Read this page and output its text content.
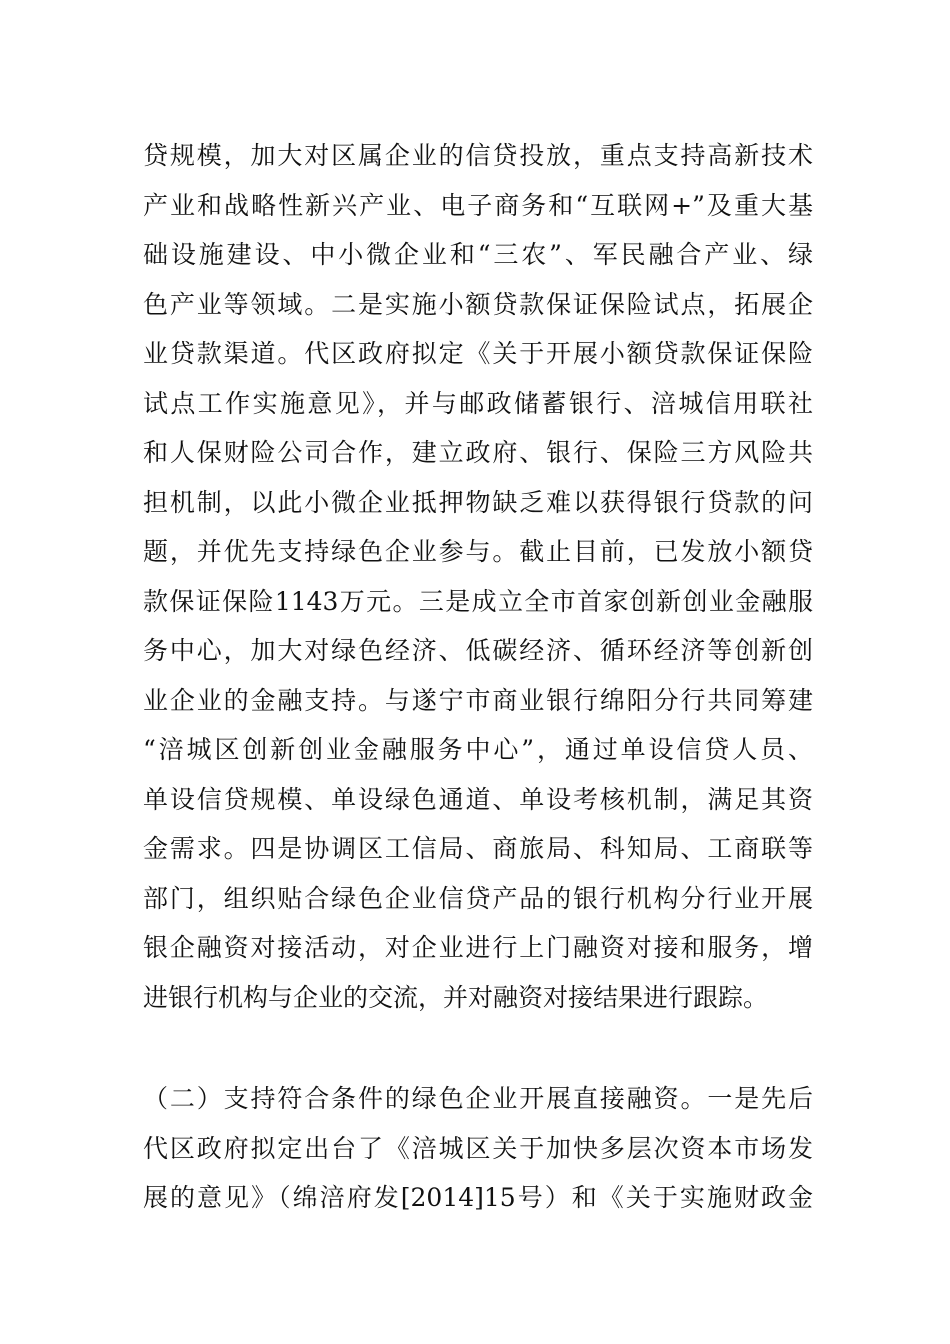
贷规模，加大对区属企业的信贷投放，重点支持高新技术
产业和战略性新兴产业、电子商务和“互联网+”及重大基
础设施建设、中小微企业和“三农”、军民融合产业、绿
色产业等领域。二是实施小额贷款保证保险试点，拓展企
业贷款渠道。代区政府拟定《关于开展小额贷款保证保险
试点工作实施意见》，并与邮政储蓄银行、涪城信用联社
和人保财险公司合作，建立政府、银行、保险三方风险共
担机制，以此小微企业抵押物缺乏难以获得银行贷款的问
题，并优先支持绿色企业参与。截止目前，已发放小额贷
款保证保险1143万元。三是成立全市首家创新创业金融服
务中心，加大对绿色经济、低碳经济、循环经济等创新创
业企业的金融支持。与遂宁市商业银行绵阳分行共同筹建
“涪城区创新创业金融服务中心”，通过单设信贷人员、
单设信贷规模、单设绿色通道、单设考核机制，满足其资
金需求。四是协调区工信局、商旅局、科知局、工商联等
部门，组织贴合绿色企业信贷产品的银行机构分行业开展
银企融资对接活动，对企业进行上门融资对接和服务，增
进银行机构与企业的交流，并对融资对接结果进行跟踪。
（二）支持符合条件的绿色企业开展直接融资。一是先后
代区政府拟定出台了《涪城区关于加快多层次资本市场发
展的意见》（绵涪府发[2014]15号）和《关于实施财政金
